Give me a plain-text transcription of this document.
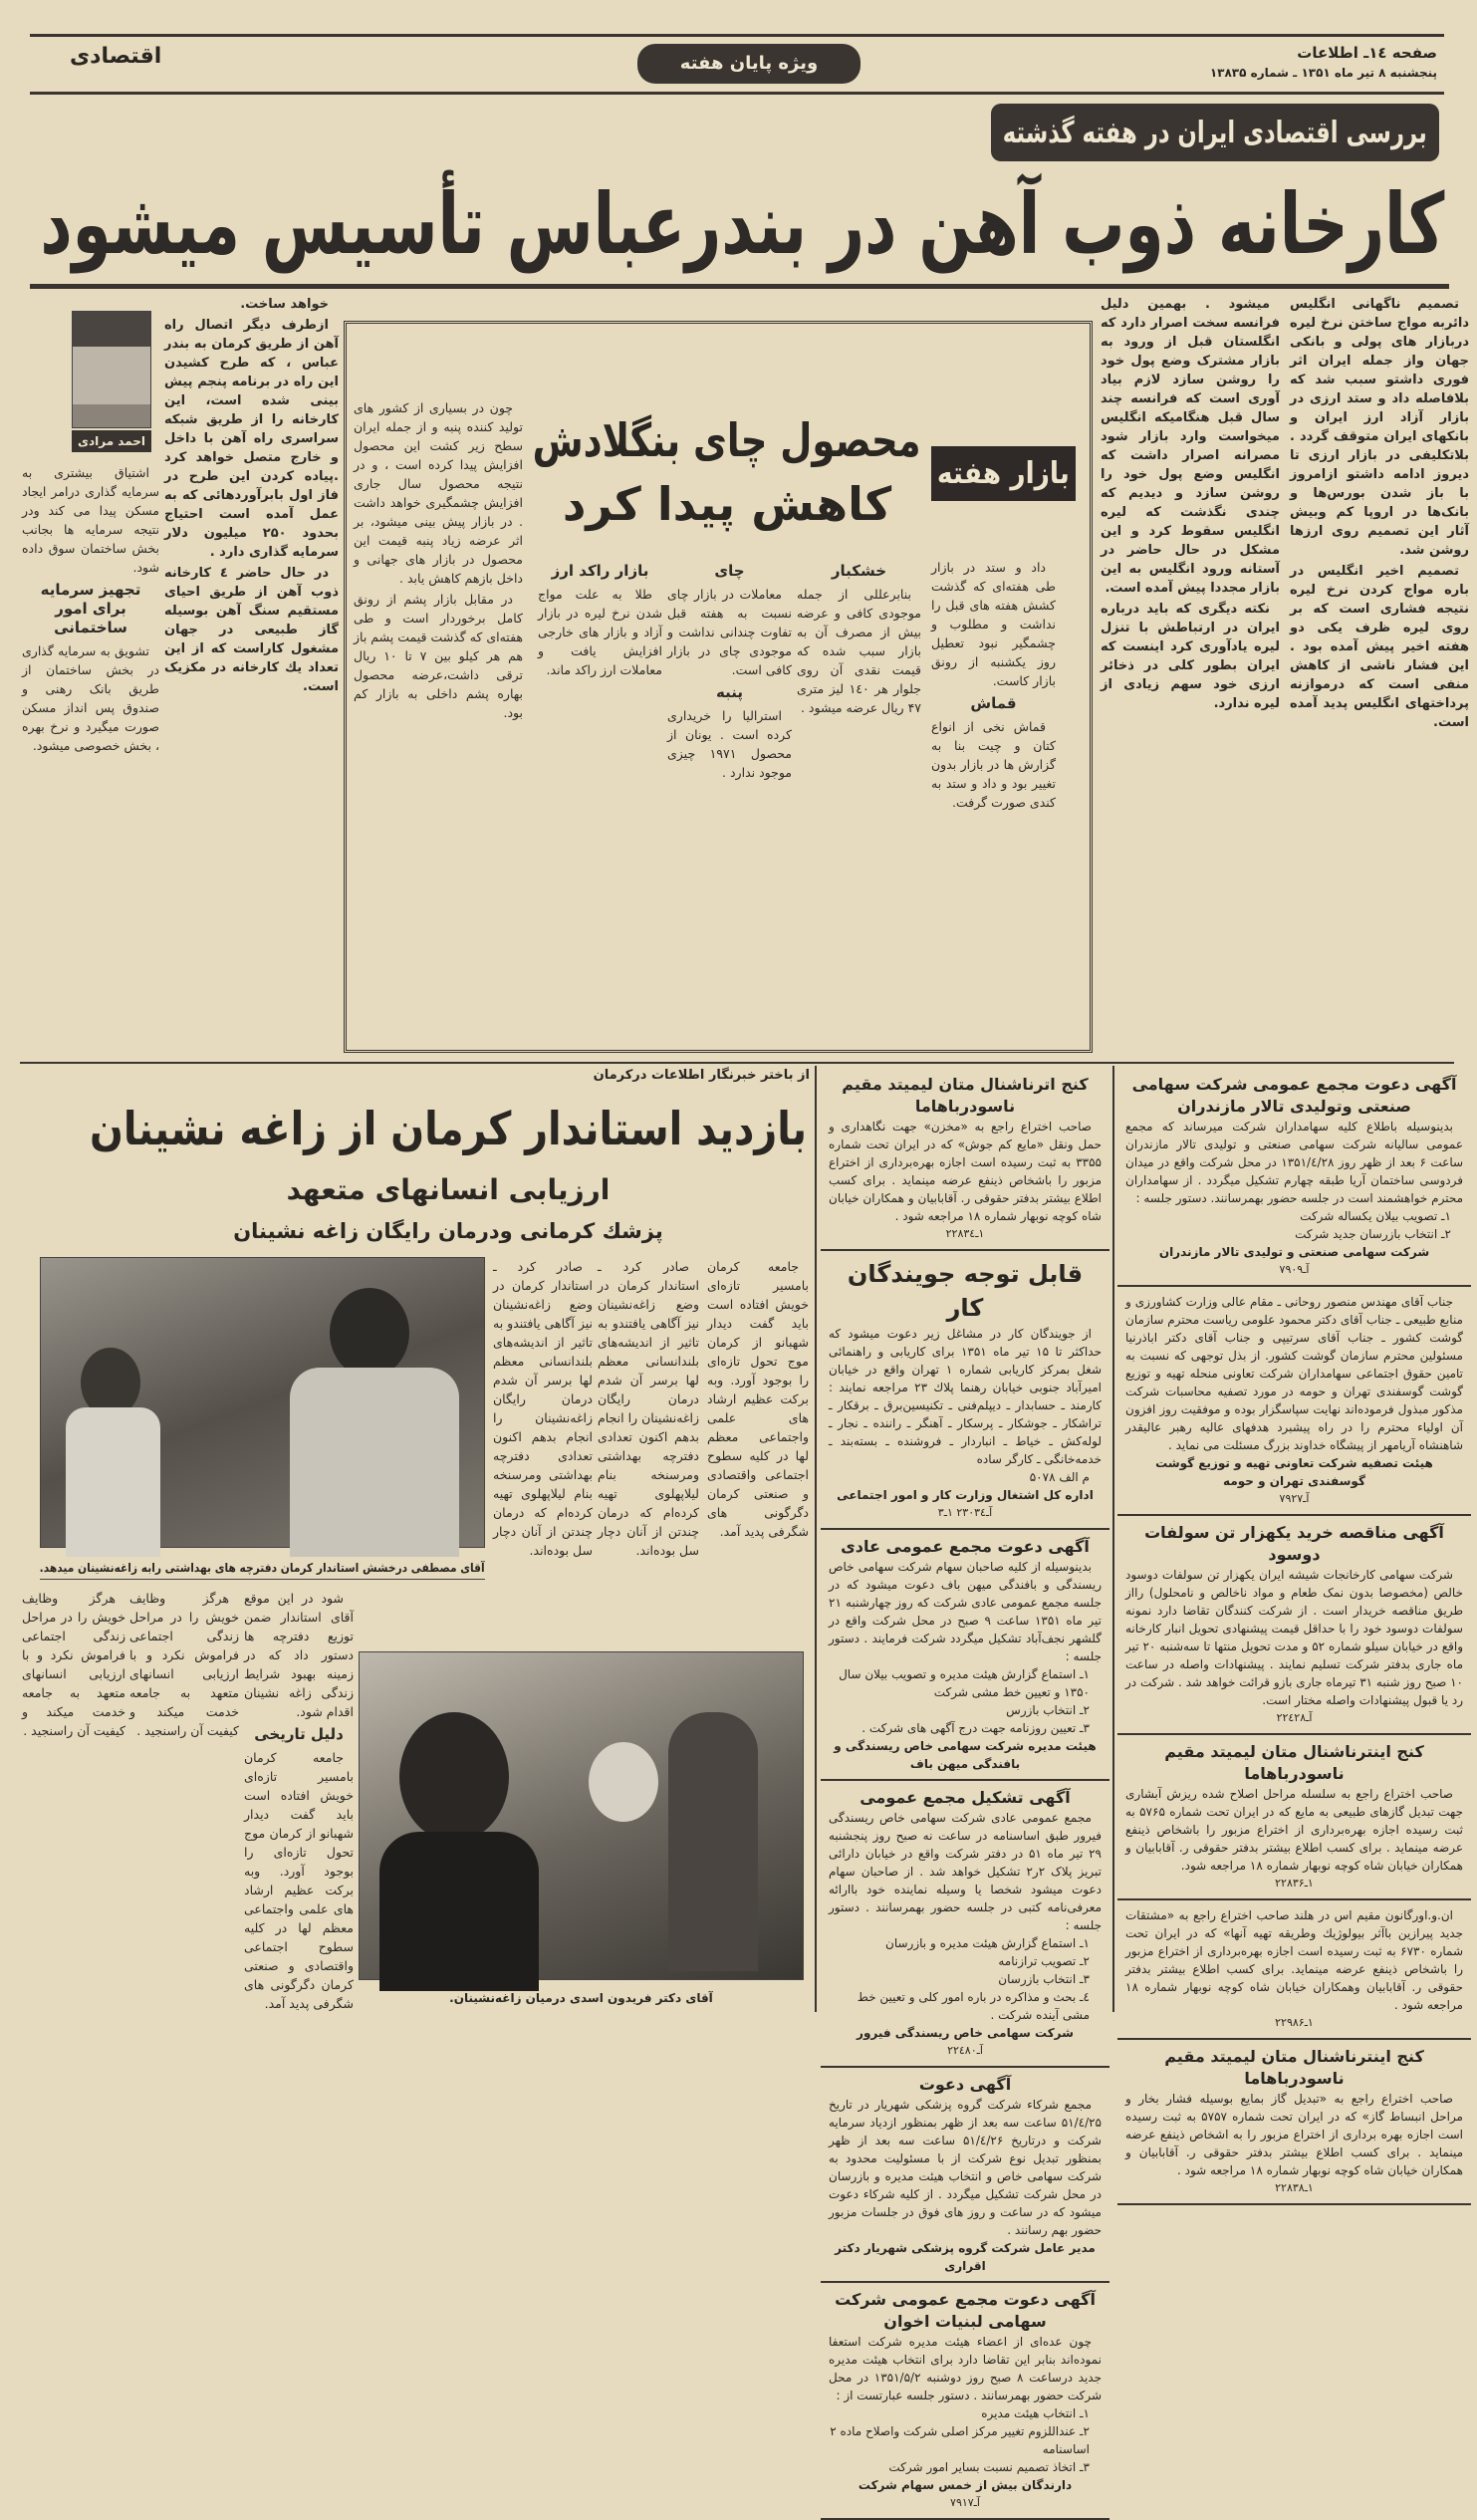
اقتصادی	ویژه پایان هفته	صفحه ۱٤ـ اطلاعات
پنجشنبه ۸ تیر ماه ۱۳۵۱ ـ شماره ۱۳۸۳۵
بررسی اقتصادی ایران در هفته گذشته
کارخانه ذوب آهن در بندرعباس تأسیس میشود

تصمیم ناگهانی انگلیس دائربه مواج ساختن نرخ لیره دربازار های پولی و بانکی جهان واز جمله ایران اثر فوری داشتو سبب شد که بلافاصله داد و ستد ارزی در بازار آزاد ارز ایران و بانکهای ایران متوقف گردد . بلاتکلیفی در بازار ارزی تا دیروز ادامه داشتو ازامروز با باز شدن بورس‌ها و بانک‌ها در اروپا کم وبیش آثار این تصمیم روی ارزها روشن شد.

تصمیم اخیر انگلیس در باره مواج کردن نرخ لیره نتیجه فشاری است که بر روی لیره ظرف یکی دو هفته اخیر پیش آمده بود . این فشار ناشی از کاهش منفی است که درموازنه پرداختهای انگلیس پدید آمده است.

میشود . بهمین دلیل فرانسه سخت اصرار دارد که انگلستان قبل از ورود به بازار مشترک وضع پول خود را روشن سازد لازم بیاد آوری است که فرانسه چند سال قبل هنگامیکه انگلیس میخواست وارد بازار شود مصرانه اصرار داشت که انگلیس وضع پول خود را روشن سازد و دیدیم که چندی نگذشت که لیره انگلیس سقوط کرد و این مشکل در حال حاضر در آستانه ورود انگلیس به این بازار مجددا پیش آمده است.

نکته دیگری که باید درباره ایران در ارتباطش با تنزل لیره یادآوری کرد اینست که ایران بطور کلی در ذخائر ارزی خود سهم زیادی از لیره ندارد.

خواهد ساخت.

ازطرف دیگر اتصال راه آهن از طریق کرمان به بندر عباس ، که طرح کشیدن این راه در برنامه پنجم پیش بینی شده است، این کارخانه را از طریق شبکه سراسری راه آهن با داخل و خارج متصل خواهد کرد .پیاده کردن این طرح در فاز اول بابرآوردهائی که به عمل آمده است احتیاج بحدود ۲۵۰ میلیون دلار سرمایه گذاری دارد .

در حال حاضر ٤ کارخانه ذوب آهن از طریق احیای مستقیم سنگ آهن بوسیله گاز طبیعی در جهان مشغول کاراست که از این تعداد یك کارخانه در مکزیک است.

احمد مرادی

اشتیاق بیشتری به سرمایه گذاری درامر ایجاد مسکن پیدا می کند ودر نتیجه سرمایه ها بجانب بخش ساختمان سوق داده شود.

تجهیز سرمایه برای امور ساختمانی

تشویق به سرمایه گذاری در بخش ساختمان از طریق بانک رهنی و صندوق پس انداز مسکن صورت میگیرد و نرخ بهره ، بخش خصوصی میشود.

بازار هفته
محصول چای بنگلادش
کاهش پیدا کرد

چون در بسیاری از کشور های تولید کننده پنبه و از جمله ایران سطح زیر کشت این محصول افزایش پیدا کرده است ، و در نتیجه محصول سال جاری افزایش چشمگیری خواهد داشت . در بازار پیش بینی میشود، بر اثر عرضه زیاد پنبه قیمت این محصول در بازار های جهانی و داخل بازهم کاهش یابد .

در مقابل بازار پشم از رونق کامل برخوردار است و طی هفته‌ای که گذشت قیمت پشم باز هم هر کیلو بین ۷ تا ۱۰ ریال ترقی داشت،عرضه محصول بهاره پشم داخلی به بازار کم بود.

از باختر خبرنگار اطلاعات درکرمان
بازدید استاندار کرمان از زاغه نشینان
ارزیابی انسانهای متعهد
پزشك کرمانی ودرمان رایگان زاغه نشینان

جامعه کرمان بامسیر تازه‌ای خویش افتاده است باید گفت دیدار شهبانو از کرمان موج تحول تازه‌ای را بوجود آورد. وبه برکت عظیم ارشاد های علمی واجتماعی معظم لها در کلیه سطوح اجتماعی واقتصادی و صنعتی کرمان دگرگونی های شگرفی پدید آمد.

صادر کرد ـ استاندار کرمان در وضع زاغه‌نشینان نیز آگاهی یافتندو به تاثیر از اندیشه‌های بلندانسانی معظم لها برسر آن شدم درمان رایگان زاغه‌نشینان را انجام بدهم اکنون تعدادی دفترچه بهداشتی ومرسنخه بنام لیلاپهلوی تهیه کرده‌ام که درمان چندتن از آنان دچار سل بوده‌اند.

صادر کرد ـ استاندار کرمان در وضع زاغه‌نشینان نیز آگاهی یافتندو به تاثیر از اندیشه‌های بلندانسانی معظم لها برسر آن شدم درمان رایگان زاغه‌نشینان را انجام بدهم اکنون تعدادی دفترچه بهداشتی ومرسنخه بنام لیلاپهلوی تهیه کرده‌ام که درمان چندتن از آنان دچار سل بوده‌اند.

آقای مصطفی درخشش استاندار کرمان دفترچه های بهداشتی رابه زاغه‌نشینان میدهد.

شود در این موقع آقای استاندار ضمن توزیع دفترچه ها دستور داد که در زمینه بهبود شرایط زندگی زاغه نشینان اقدام شود.

دلیل تاریخی

جامعه کرمان بامسیر تازه‌ای خویش افتاده است باید گفت دیدار شهبانو از کرمان موج تحول تازه‌ای را بوجود آورد. وبه برکت عظیم ارشاد های علمی واجتماعی معظم لها در کلیه سطوح اجتماعی واقتصادی و صنعتی کرمان دگرگونی های شگرفی پدید آمد.

هرگز وظایف خویش را در مراحل زندگی اجتماعی فراموش نکرد و با ارزیابی انسانهای متعهد به جامعه خدمت میکند و کیفیت آن راسنجید .

هرگز وظایف خویش را در مراحل زندگی اجتماعی فراموش نکرد و با ارزیابی انسانهای متعهد به جامعه خدمت میکند و کیفیت آن راسنجید .

آقای دکتر فریدون اسدی درمیان زاغه‌نشینان.
آگهی دعوت مجمع عمومی شرکت سهامی صنعتی وتولیدی تالار مازندران
بدینوسیله باطلاع کلیه سهامداران شرکت میرساند که مجمع عمومی سالیانه شرکت سهامی صنعتی و تولیدی تالار مازندران ساعت ۶ بعد از ظهر روز ۱۳۵۱/٤/۲۸ در محل شرکت واقع در میدان فردوسی ساختمان آریا طبقه چهارم تشکیل میگردد . از سهامداران محترم خواهشمند است در جلسه حضور بهمرسانند. دستور جلسه :
۱ـ تصویب بیلان یکساله شرکت
۲ـ انتخاب بازرسان جدید شرکت
شرکت سهامی صنعتی و تولیدی تالار مازندران
آـ۷۹۰۹
جناب آقای مهندس منصور روحانی ـ مقام عالی وزارت کشاورزی و منابع طبیعی ـ جناب آقای دکتر محمود علومی ریاست محترم سازمان گوشت کشور ـ جناب آقای سرتیپی و جناب آقای دکتر اباذرنیا مسئولین محترم سازمان گوشت کشور. از بذل توجهی که نسبت به تامین حقوق اجتماعی سهامداران شرکت تعاونی منحله تهیه و توزیع گوشت گوسفندی تهران و حومه در مورد تصفیه محاسبات شرکت مذکور مبذول فرموده‌اند نهایت سپاسگزار بوده و موفقیت روز افزون آن اولیاء محترم را در راه پیشبرد هدفهای عالیه رهبر عالیقدر شاهنشاه آریامهر از پیشگاه خداوند بزرگ مسئلت می نماید .
هیئت تصفیه شرکت تعاونی تهیه و توزیع گوشت گوسفندی تهران و حومه
آـ۷۹۲۷
آگهی مناقصه خرید یکهزار تن سولفات دوسود
شرکت سهامی کارخانجات شیشه ایران یکهزار تن سولفات دوسود خالص (مخصوصا بدون نمک طعام و مواد ناخالص و نامحلول) رااز طریق مناقصه خریدار است . از شرکت کنندگان تقاضا دارد نمونه سولفات دوسود خود را با حداقل قیمت پیشنهادی تحویل انبار کارخانه واقع در خیابان سیلو شماره ۵۲ و مدت تحویل منتها تا سه‌شنبه ۲۰ تیر ماه جاری بدفتر شرکت تسلیم نمایند . پیشنهادات واصله در ساعت ۱۰ صبح روز شنبه ۳۱ تیرماه جاری بازو قرائت خواهد شد . شرکت در رد یا قبول پیشنهادات واصله مختار است.
آـ۲۲٤۲۸
کنج اینترناشنال متان لیمیتد مقیم ناسودرباهاما
صاحب اختراع راجع به سلسله مراحل اصلاح شده ریزش آبشاری جهت تبدیل گازهای طبیعی به مایع که در ایران تحت شماره ۵۷۶۵ به ثبت رسیده اجازه بهره‌برداری از اختراع مزبور را باشخاص ذینفع عرضه مینماید . برای کسب اطلاع بیشتر بدفتر حقوقی ر. آقابابیان و همکاران خیابان شاه کوچه نوبهار شماره ۱۸ مراجعه شود.
۱ـ۲۲۸۳۶
ان.و.اورگانون مقیم اس در هلند صاحب اختراع راجع به «مشتقات جدید پیرازین باآثر بیولوژیك وطریقه تهیه آنها» که در ایران تحت شماره ۶۷۳۰ به ثبت رسیده است اجازه بهره‌برداری از اختراع مزبور را باشخاص ذینفع عرضه مینماید. برای کسب اطلاع بیشتر بدفتر حقوقی ر. آقابابیان وهمکاران خیابان شاه کوچه نوبهار شماره ۱۸ مراجعه شود .
۱ـ۲۲۹۸۶
کنج اینترناشنال متان لیمیتد مقیم ناسودرباهاما
صاحب اختراع راجع به «تبدیل گاز بمایع بوسیله فشار بخار و مراحل انبساط گاز» که در ایران تحت شماره ۵۷۵۷ به ثبت رسیده است اجازه بهره برداری از اختراع مزبور را به اشخاص ذینفع عرضه مینماید . برای کسب اطلاع بیشتر بدفتر حقوقی ر. آقابابیان و همکاران خیابان شاه کوچه نوبهار شماره ۱۸ مراجعه شود .
۱ـ۲۲۸۳۸
کنج اترناشنال متان لیمیتد مقیم ناسودرباهاما
صاحب اختراع راجع به «مخزن» جهت نگاهداری و حمل ونقل «مایع کم جوش» که در ایران تحت شماره ۳۳۵۵ به ثبت رسیده است اجازه بهره‌برداری از اختراع مزبور را باشخاص ذینفع عرضه مینماید . برای کسب اطلاع بیشتر بدفتر حقوقی ر. آقابابیان و همکاران خیابان شاه کوچه نوبهار شماره ۱۸ مراجعه شود .
۱ـ۲۲۸۳٤
قابل توجه جویندگان کار
از جویندگان کار در مشاغل زیر دعوت میشود که حداکثر تا ۱۵ تیر ماه ۱۳۵۱ برای کاریابی و راهنمائی شغل بمرکز کاریابی شماره ۱ تهران واقع در خیابان امیرآباد جنوبی خیابان رهنما پلاك ۲۳ مراجعه نمایند : کارمند ـ حسابدار ـ دیپلم‌فنی ـ تکنیسین‌برق ـ برقکار ـ تراشکار ـ جوشکار ـ پرسکار ـ آهنگر ـ راننده ـ نجار ـ لوله‌کش ـ خیاط ـ انباردار ـ فروشنده ـ بسته‌بند ـ خدمه‌خانگی ـ کارگر ساده
م الف ۵۰۷۸
اداره کل اشتغال وزارت کار و امور اجتماعی
آـ۲۳۰۳٤ ۱ـ۳
آگهی دعوت مجمع عمومی عادی
بدینوسیله از کلیه صاحبان سهام شرکت سهامی خاص ریسندگی و بافندگی میهن باف دعوت میشود که در جلسه مجمع عمومی عادی شرکت که روز چهارشنبه ۲۱ تیر ماه ۱۳۵۱ ساعت ۹ صبح در محل شرکت واقع در گلشهر نجف‌آباد تشکیل میگردد شرکت فرمایند . دستور جلسه :
۱ـ استماع گزارش هیئت مدیره و تصویب بیلان سال ۱۳۵۰ و تعیین خط مشی شرکت
۲ـ انتخاب بازرس
۳ـ تعیین روزنامه جهت درج آگهی های شرکت .
هیئت مدیره شرکت سهامی خاص ریسندگی و بافندگی میهن باف
آگهی تشکیل مجمع عمومی
مجمع عمومی عادی شرکت سهامی خاص ریسندگی فیرور طبق اساسنامه در ساعت نه صبح روز پنجشنبه ۲۹ تیر ماه ۵۱ در دفتر شرکت واقع در خیابان دارائی تبریز پلاک ۲ر۲ تشکیل خواهد شد . از صاحبان سهام دعوت میشود شخصا یا وسیله نماینده خود باارائه معرفی‌نامه کتبی در جلسه حضور بهمرسانند . دستور جلسه :
۱ـ استماع گزارش هیئت مدیره و بازرسان
۲ـ تصویب ترازنامه
۳ـ انتخاب بازرسان
٤ـ بحث و مذاکره در باره امور کلی و تعیین خط مشی آینده شرکت .
شرکت سهامی خاص ریسندگی فیرور
آـ۲۲٤۸۰
آگهی دعوت
مجمع شرکاء شرکت گروه پزشکی شهریار در تاریخ ۵۱/٤/۲۵ ساعت سه بعد از ظهر بمنظور ازدیاد سرمایه شرکت و درتاریخ ۵۱/٤/۲۶ ساعت سه بعد از ظهر بمنظور تبدیل نوع شرکت از با مسئولیت محدود به شرکت سهامی خاص و انتخاب هیئت مدیره و بازرسان در محل شرکت تشکیل میگردد . از کلیه شرکاء دعوت میشود که در ساعت و روز های فوق در جلسات مزبور حضور بهم رسانند .
مدیر عامل شرکت گروه پزشکی شهریار دکتر اقراری
آگهی دعوت مجمع عمومی شرکت سهامی لبنیات اخوان
چون عده‌ای از اعضاء هیئت مدیره شرکت استعفا نموده‌اند بنابر این تقاضا دارد برای انتخاب هیئت مدیره جدید درساعت ۸ صبح روز دوشنبه ۱۳۵۱/۵/۲ در محل شرکت حضور بهمرسانند . دستور جلسه عبارتست از :
۱ـ انتخاب هیئت مدیره
۲ـ عنداللزوم تغییر مرکز اصلی شرکت واصلاح ماده ۲ اساسنامه
۳ـ اتخاذ تصمیم نسبت بسایر امور شرکت
دارندگان بیش از خمس سهام شرکت
آـ۷۹۱۷

داد و ستد در بازار طی هفته‌ای که گذشت کشش هفته های قبل را نداشت و مطلوب و چشمگیر نبود تعطیل روز یکشنبه از رونق بازار کاست.

قماش

قماش نخی از انواع کتان و چیت بنا به گزارش ها در بازار بدون تغییر بود و داد و ستد به کندی صورت گرفت.

خشکبار

بنابرعللی از جمله موجودی کافی و عرضه بیش از مصرف آن به بازار سبب شده که قیمت نقدی آن روی جلوار هر ۱٤۰ لیز متری ۴۷ ریال عرضه میشود .

چای

معاملات در بازار چای نسبت به هفته قبل تفاوت چندانی نداشت و موجودی چای در بازار کافی است.

پنبه

استرالیا را خریداری کرده است . یونان از محصول ۱۹۷۱ چیزی موجود ندارد .

بازار راکد ارز

طلا به علت مواج شدن نرخ لیره در بازار آزاد و بازار های خارجی افزایش یافت و معاملات ارز راکد ماند.
